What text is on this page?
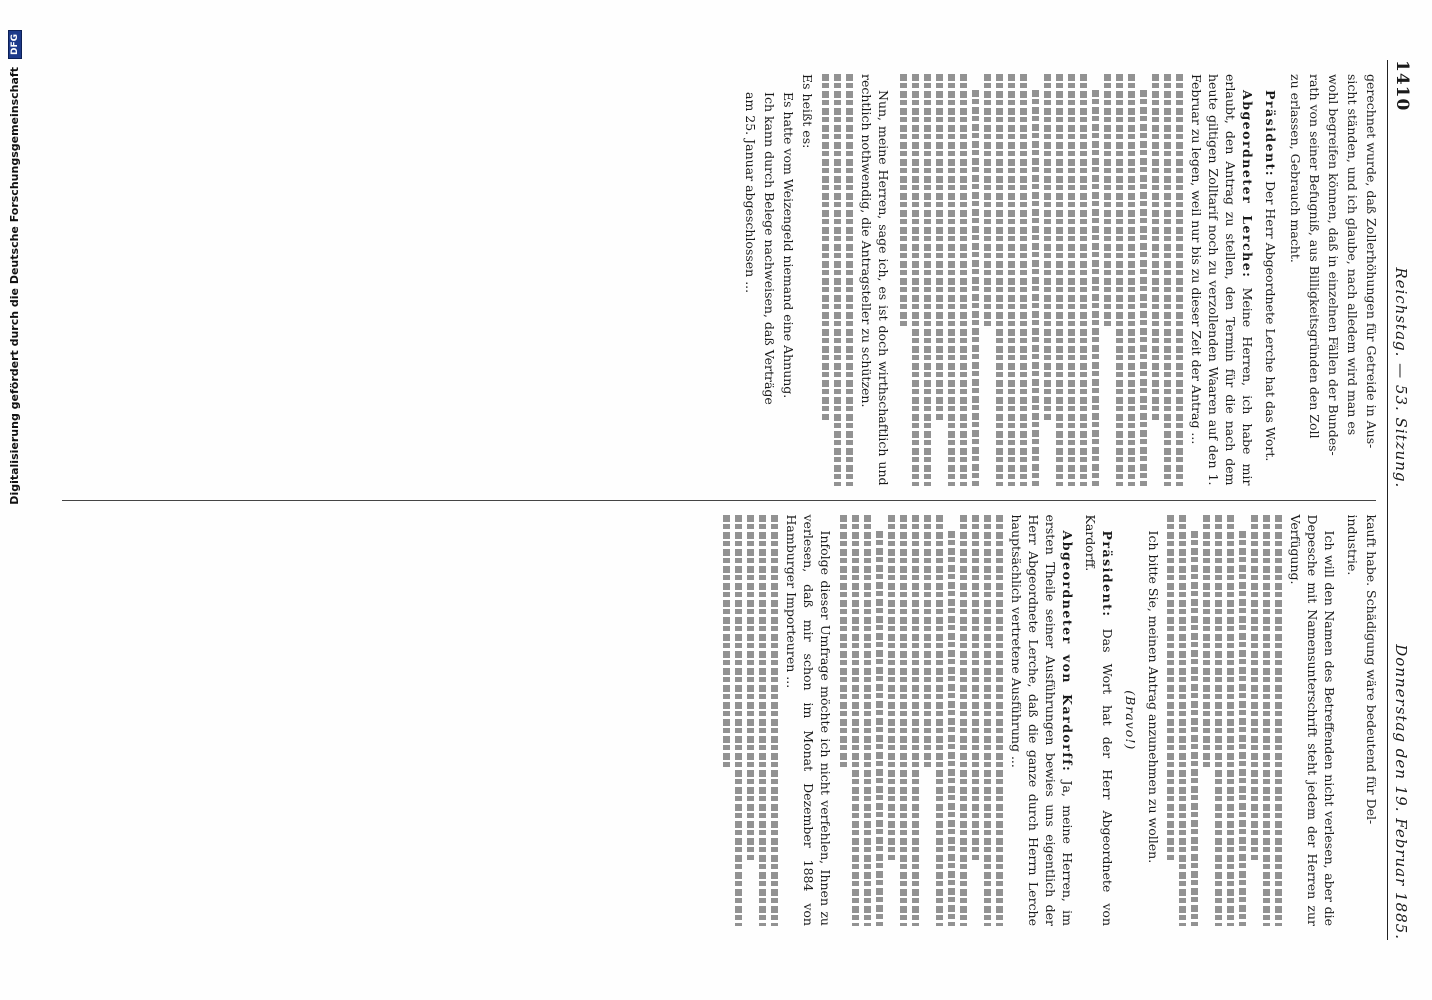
Digitalisierung gefördert durch die Deutsche Forschungsgemeinschaft
DFG
1410
Reichstag. — 53. Sitzung.
Donnerstag den 19. Februar 1885.
gerechnet wurde, daß Zollerhöhungen für Getreide in Aus-
sicht ständen, und ich glaube, nach alledem wird man es
wohl begreifen können, daß in einzelnen Fällen der Bundes-
rath von seiner Befugniß, aus Billigkeitsgründen den Zoll
zu erlassen, Gebrauch macht.

Präsident: Der Herr Abgeordnete Lerche hat das Wort.

Abgeordneter Lerche: Meine Herren, ich habe mir erlaubt, den Antrag zu stellen, den Termin für die nach dem heute giltigen Zolltarif noch zu verzollenden Waaren auf den 1. Februar zu legen, weil nur bis zu dieser Zeit der Antrag ...

Nun, meine Herren, sage ich, es ist doch wirthschaftlich und rechtlich nothwendig, die Antragsteller zu schützen.

Es heißt es:

Es hatte vom Weizengeld niemand eine Ahnung.
Ich kann durch Belege nachweisen, daß Verträge
am 25. Januar abgeschlossen ...
kauft habe. Schädigung wäre bedeutend für Del-
industrie.

Ich will den Namen des Betreffenden nicht verlesen, aber die Depesche mit Namensunterschrift steht jedem der Herren zur Verfügung.

Ich bitte Sie, meinen Antrag anzunehmen zu wollen.

(Bravo!)

Präsident: Das Wort hat der Herr Abgeordnete von Kardorff.

Abgeordneter von Kardorff: Ja, meine Herren, im ersten Theile seiner Ausführungen bewies uns eigentlich der Herr Abgeordnete Lerche, daß die ganze durch Herrn Lerche hauptsächlich vertretene Ausführung ...

Infolge dieser Umfrage möchte ich nicht verfehlen, Ihnen zu verlesen, daß mir schon im Monat Dezember 1884 von Hamburger Importeuren ...
